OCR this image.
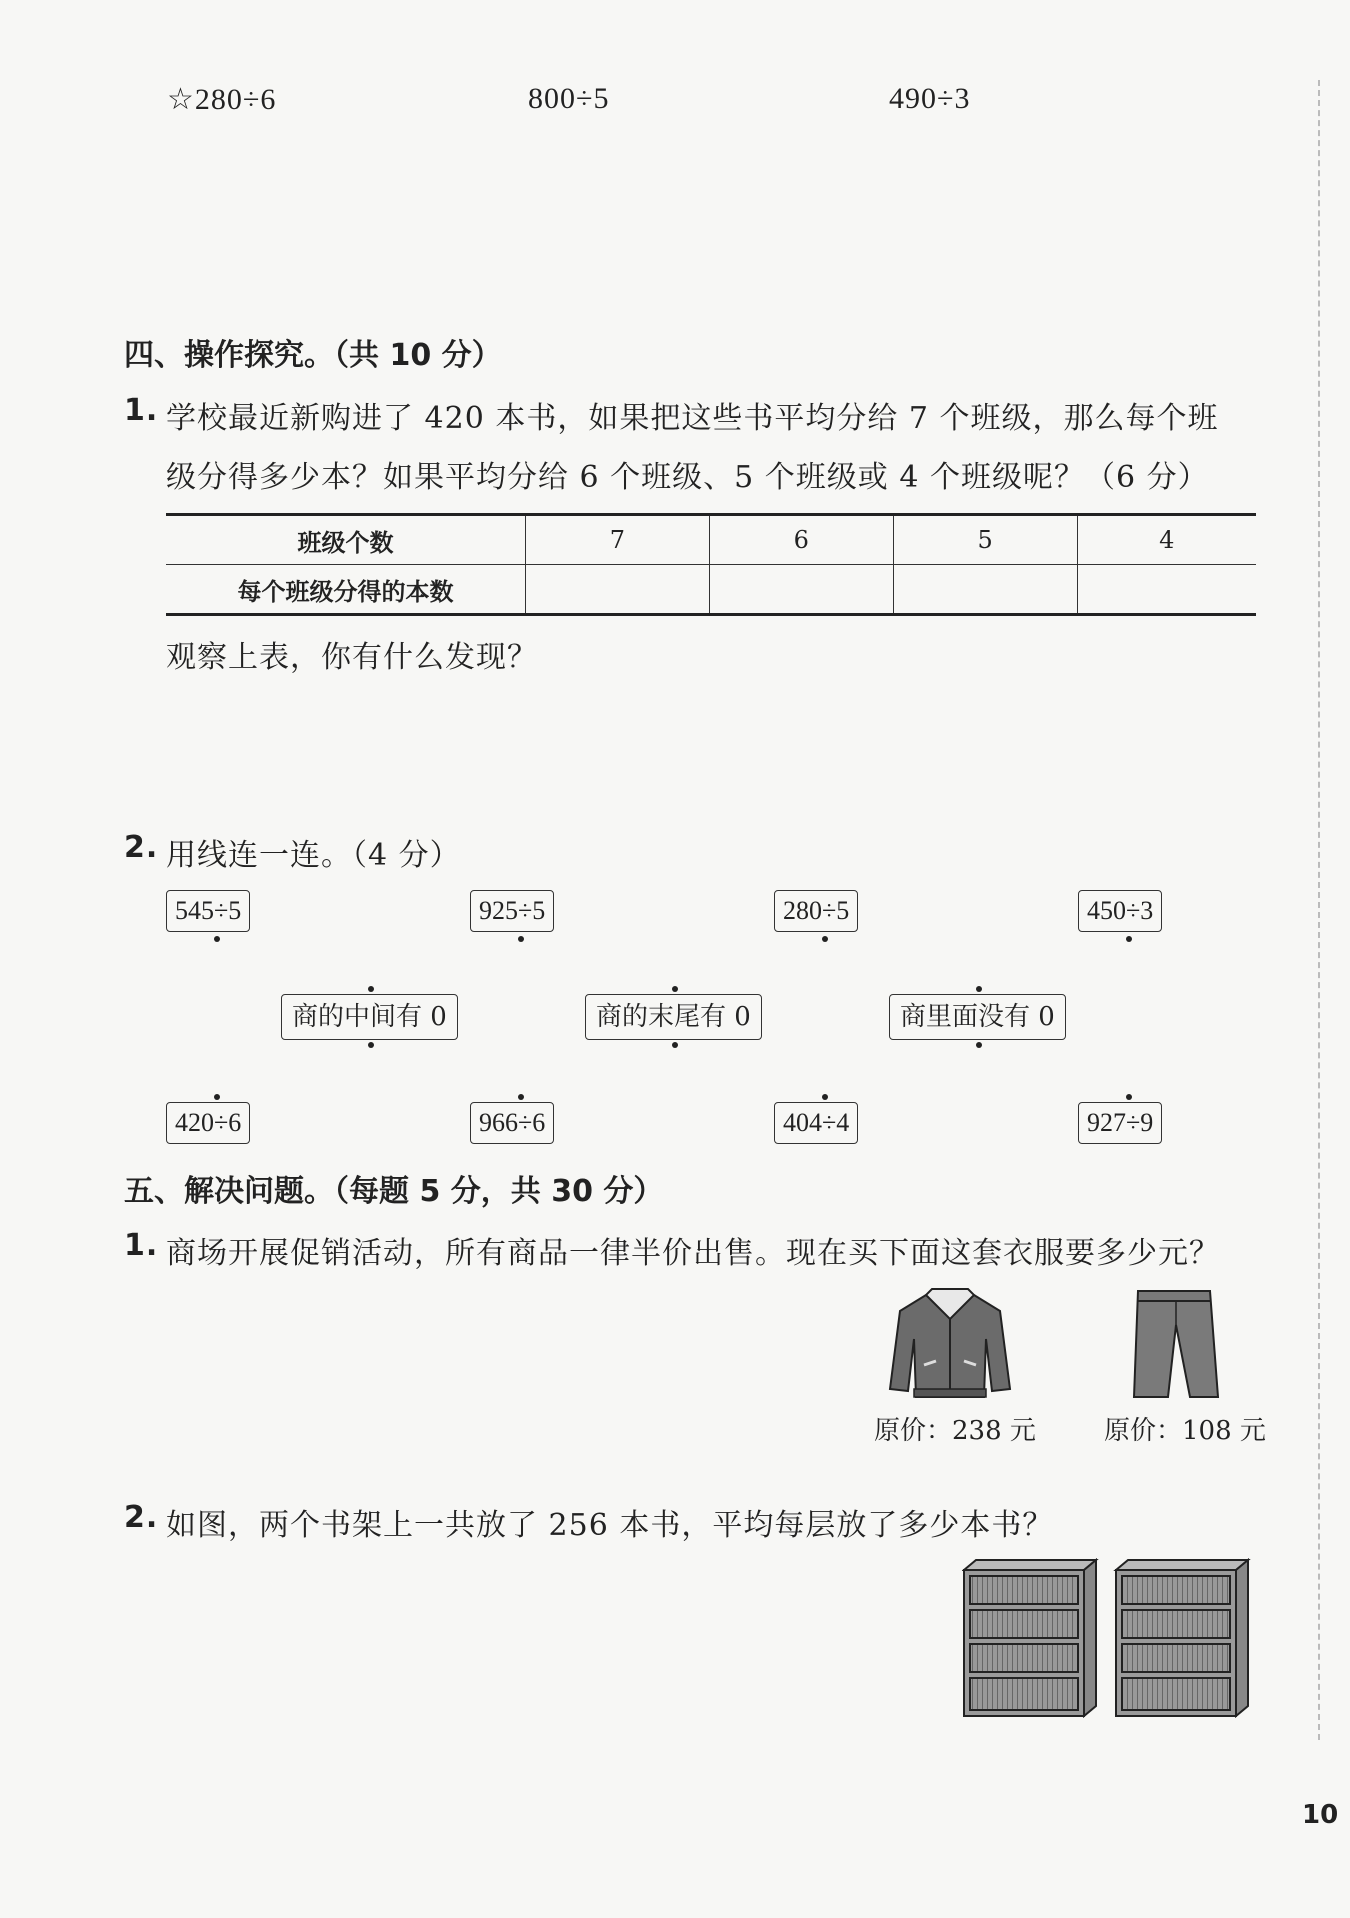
☆280÷6	800÷5	490÷3
四、操作探究。（共 10 分）
1. 学校最近新购进了 420 本书，如果把这些书平均分给 7 个班级，那么每个班
级分得多少本？如果平均分给 6 个班级、5 个班级或 4 个班级呢？（6 分）
班级个数	7	6	5	4
每个班级分得的本数				
观察上表，你有什么发现？
2. 用线连一连。（4 分）
545÷5	925÷5	280÷5	450÷3
商的中间有 0	商的末尾有 0	商里面没有 0
420÷6	966÷6	404÷4	927÷9
五、解决问题。（每题 5 分，共 30 分）
1. 商场开展促销活动，所有商品一律半价出售。现在买下面这套衣服要多少元？
原价：238 元	原价：108 元
2. 如图，两个书架上一共放了 256 本书，平均每层放了多少本书？
10
